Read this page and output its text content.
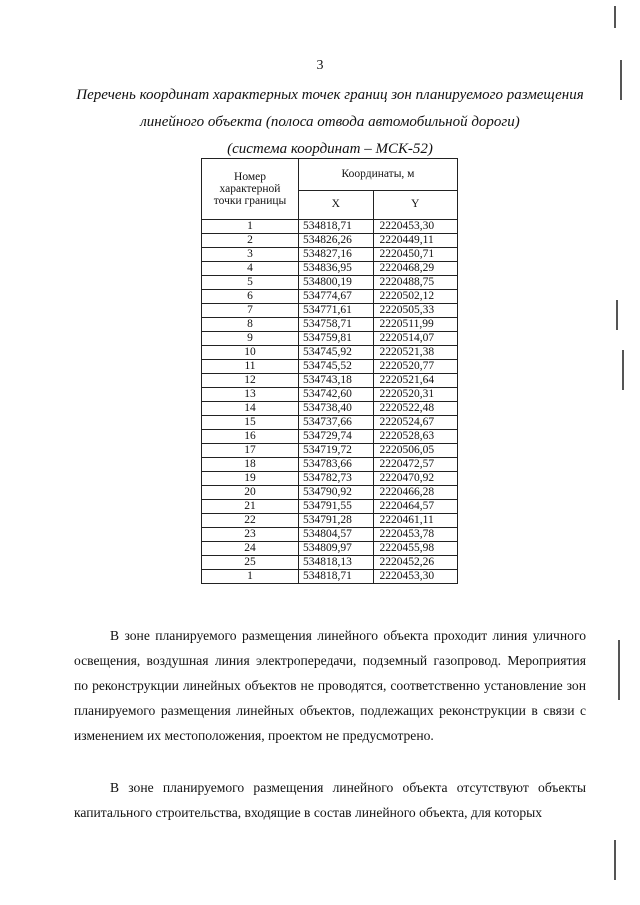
3
Перечень координат характерных точек границ зон планируемого размещения
линейного объекта (полоса отвода автомобильной дороги)
(система координат – МСК-52)
Номер характерной точки границы	Координаты, м	
	X	Y
1	534818,71	2220453,30
2	534826,26	2220449,11
3	534827,16	2220450,71
4	534836,95	2220468,29
5	534800,19	2220488,75
6	534774,67	2220502,12
7	534771,61	2220505,33
8	534758,71	2220511,99
9	534759,81	2220514,07
10	534745,92	2220521,38
11	534745,52	2220520,77
12	534743,18	2220521,64
13	534742,60	2220520,31
14	534738,40	2220522,48
15	534737,66	2220524,67
16	534729,74	2220528,63
17	534719,72	2220506,05
18	534783,66	2220472,57
19	534782,73	2220470,92
20	534790,92	2220466,28
21	534791,55	2220464,57
22	534791,28	2220461,11
23	534804,57	2220453,78
24	534809,97	2220455,98
25	534818,13	2220452,26
1	534818,71	2220453,30

В зоне планируемого размещения линейного объекта проходит линия уличного освещения, воздушная линия электропередачи, подземный газопровод. Мероприятия по реконструкции линейных объектов не проводятся, соответственно установление зон планируемого размещения линейных объектов, подлежащих реконструкции в связи с изменением их местоположения, проектом не предусмотрено.

В зоне планируемого размещения линейного объекта отсутствуют объекты капитального строительства, входящие в состав линейного объекта, для которых
